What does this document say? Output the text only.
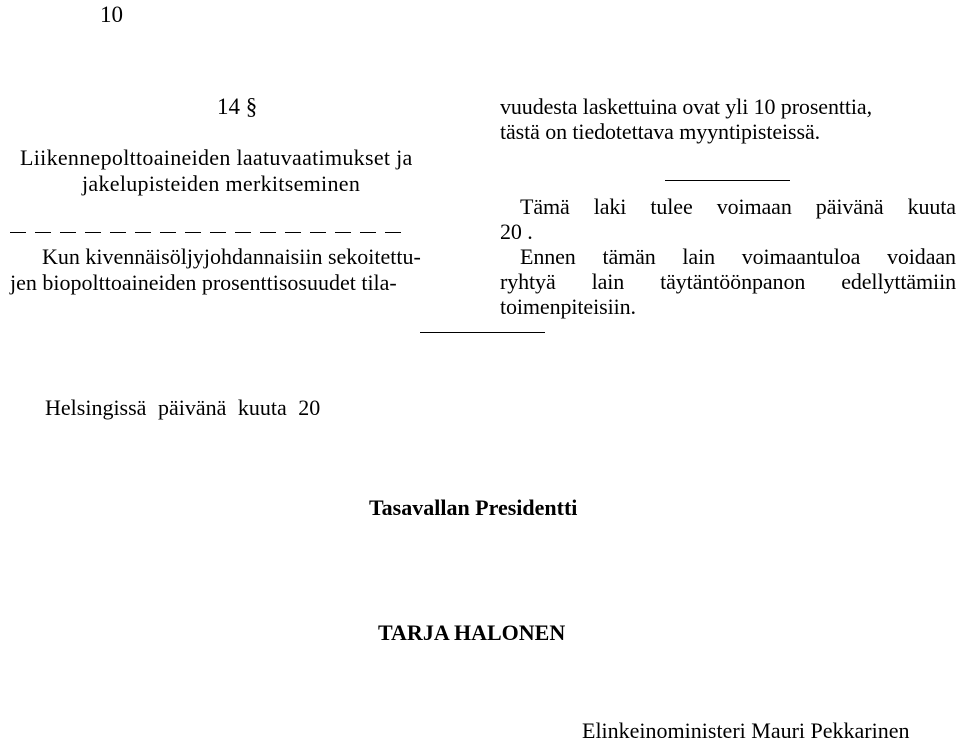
10
14 §
Liikennepolttoaineiden laatuvaatimukset ja
jakelupisteiden merkitseminen
Kun kivennäisöljyjohdannaisiin sekoitettu-
jen biopolttoaineiden prosenttisosuudet tila-
vuudesta laskettuina ovat yli 10 prosenttia,
tästä on tiedotettava myyntipisteissä.
Tämä laki tulee voimaan päivänä kuuta
20 .
Ennen tämän lain voimaantuloa voidaan
ryhtyä lain täytäntöönpanon edellyttämiin
toimenpiteisiin.
Helsingissä päivänä kuuta 20
Tasavallan Presidentti
TARJA HALONEN
Elinkeinoministeri Mauri Pekkarinen
